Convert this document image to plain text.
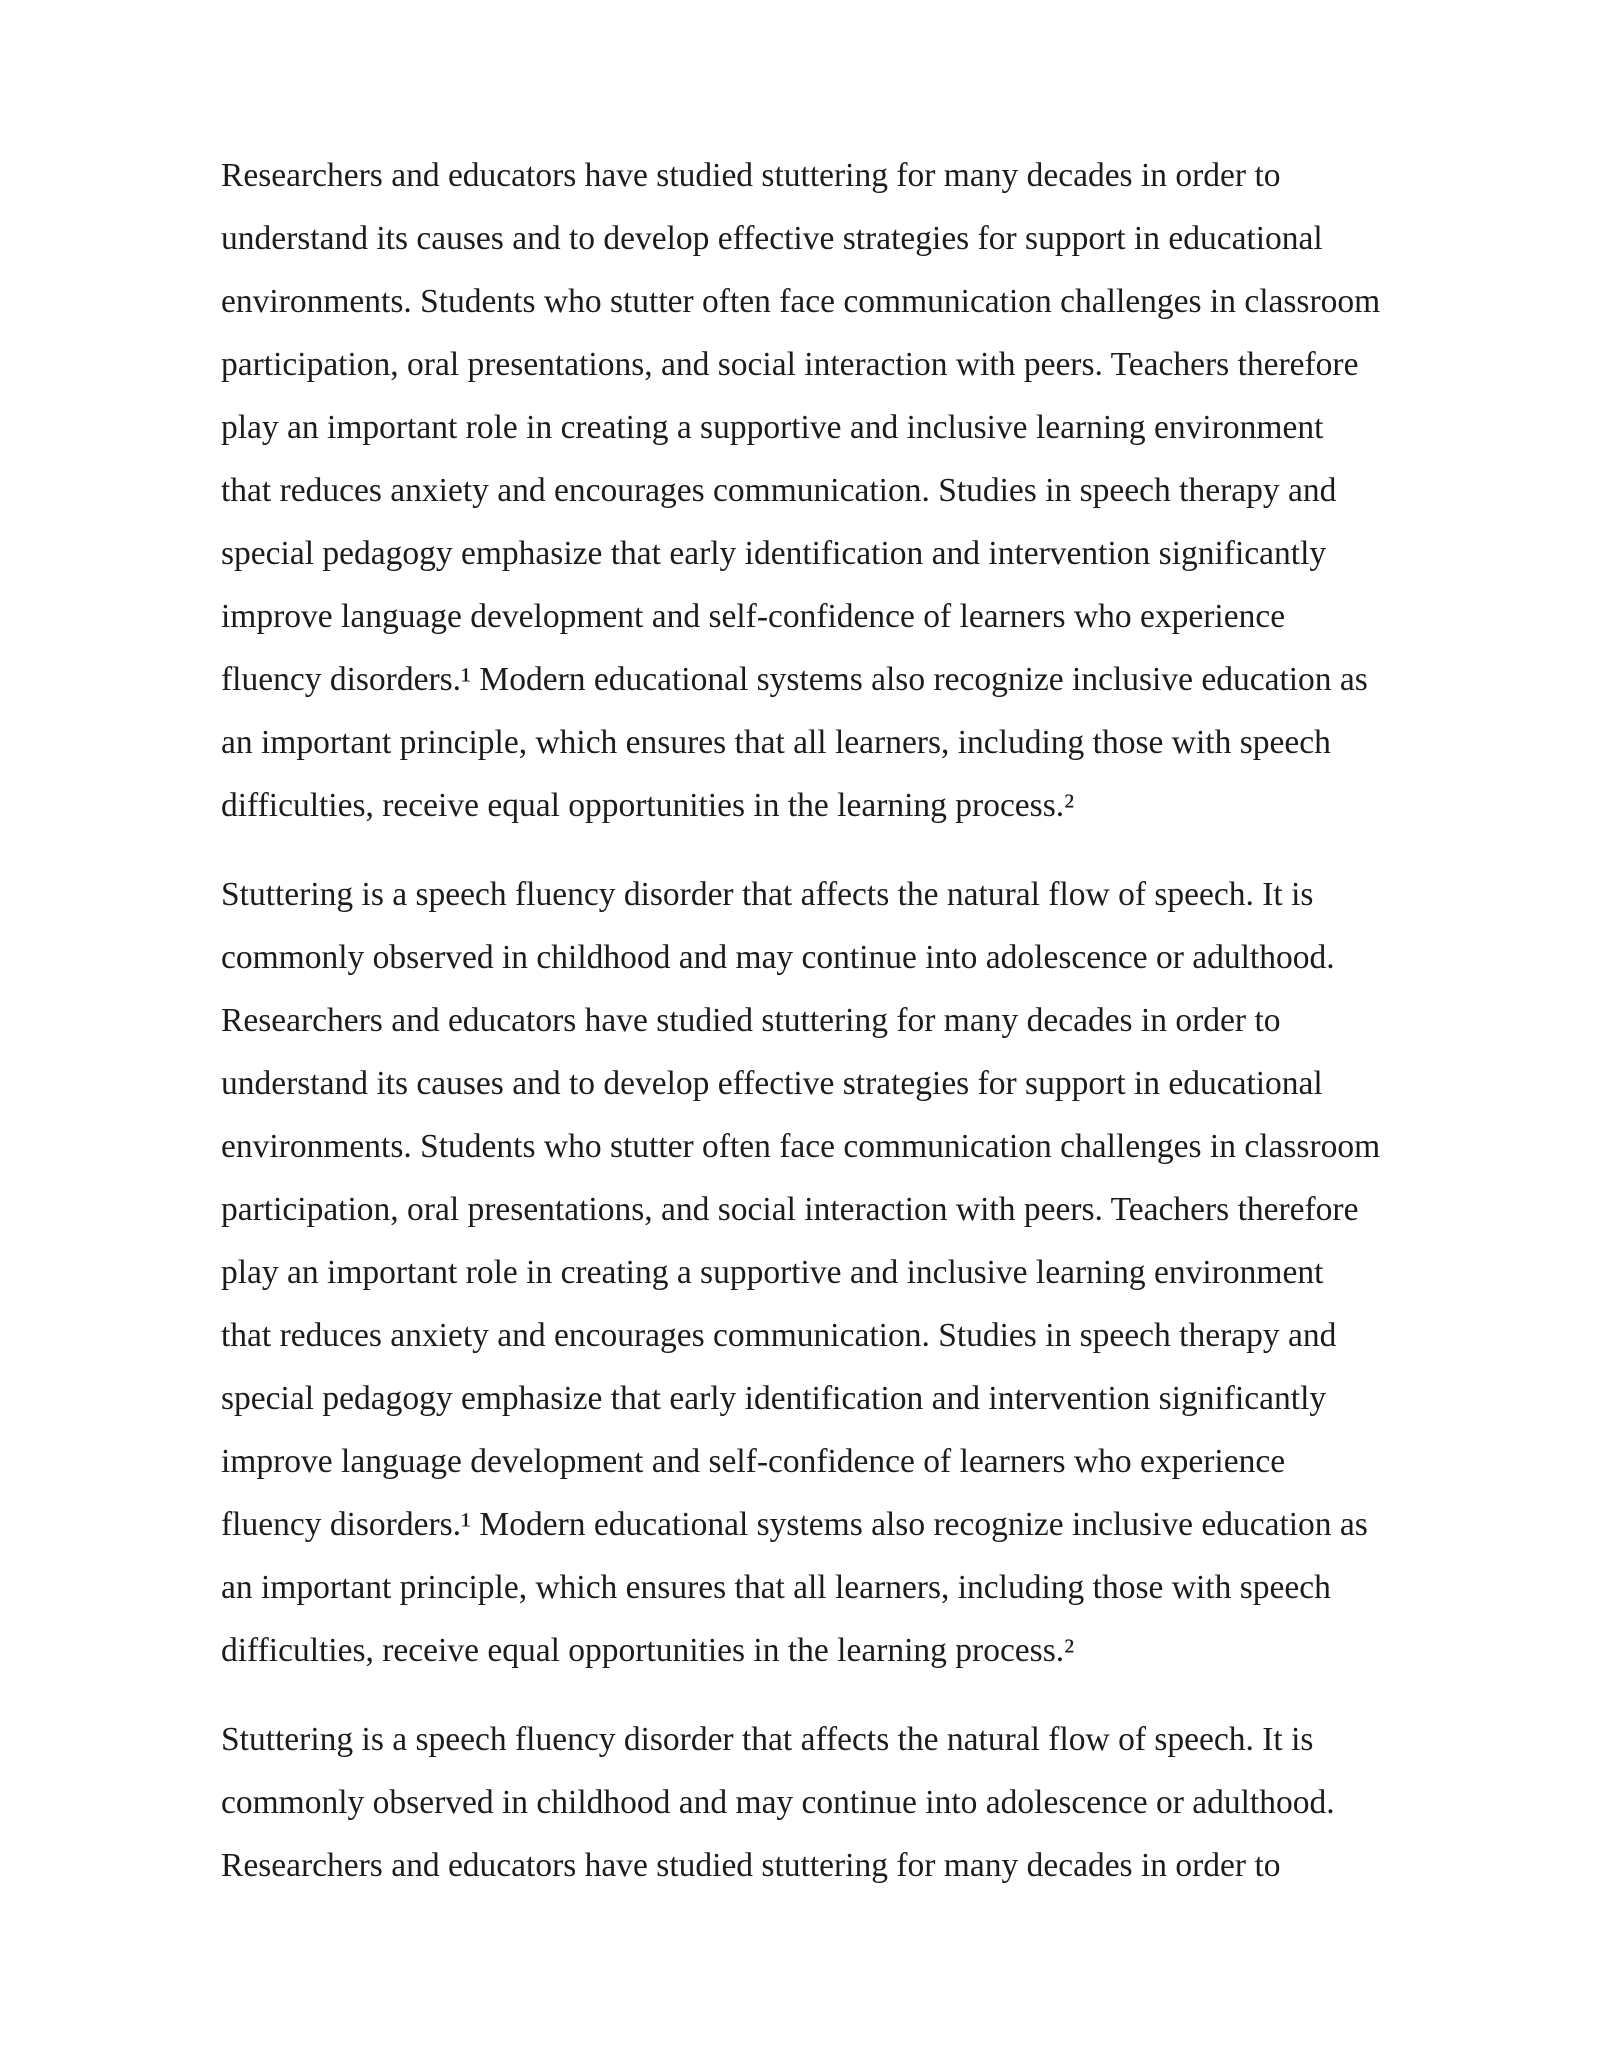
Researchers and educators have studied stuttering for many decades in order to
understand its causes and to develop effective strategies for support in educational
environments. Students who stutter often face communication challenges in classroom
participation, oral presentations, and social interaction with peers. Teachers therefore
play an important role in creating a supportive and inclusive learning environment
that reduces anxiety and encourages communication. Studies in speech therapy and
special pedagogy emphasize that early identification and intervention significantly
improve language development and self-confidence of learners who experience
fluency disorders.¹ Modern educational systems also recognize inclusive education as
an important principle, which ensures that all learners, including those with speech
difficulties, receive equal opportunities in the learning process.²

Stuttering is a speech fluency disorder that affects the natural flow of speech. It is
commonly observed in childhood and may continue into adolescence or adulthood.
Researchers and educators have studied stuttering for many decades in order to
understand its causes and to develop effective strategies for support in educational
environments. Students who stutter often face communication challenges in classroom
participation, oral presentations, and social interaction with peers. Teachers therefore
play an important role in creating a supportive and inclusive learning environment
that reduces anxiety and encourages communication. Studies in speech therapy and
special pedagogy emphasize that early identification and intervention significantly
improve language development and self-confidence of learners who experience
fluency disorders.¹ Modern educational systems also recognize inclusive education as
an important principle, which ensures that all learners, including those with speech
difficulties, receive equal opportunities in the learning process.²

Stuttering is a speech fluency disorder that affects the natural flow of speech. It is
commonly observed in childhood and may continue into adolescence or adulthood.
Researchers and educators have studied stuttering for many decades in order to
